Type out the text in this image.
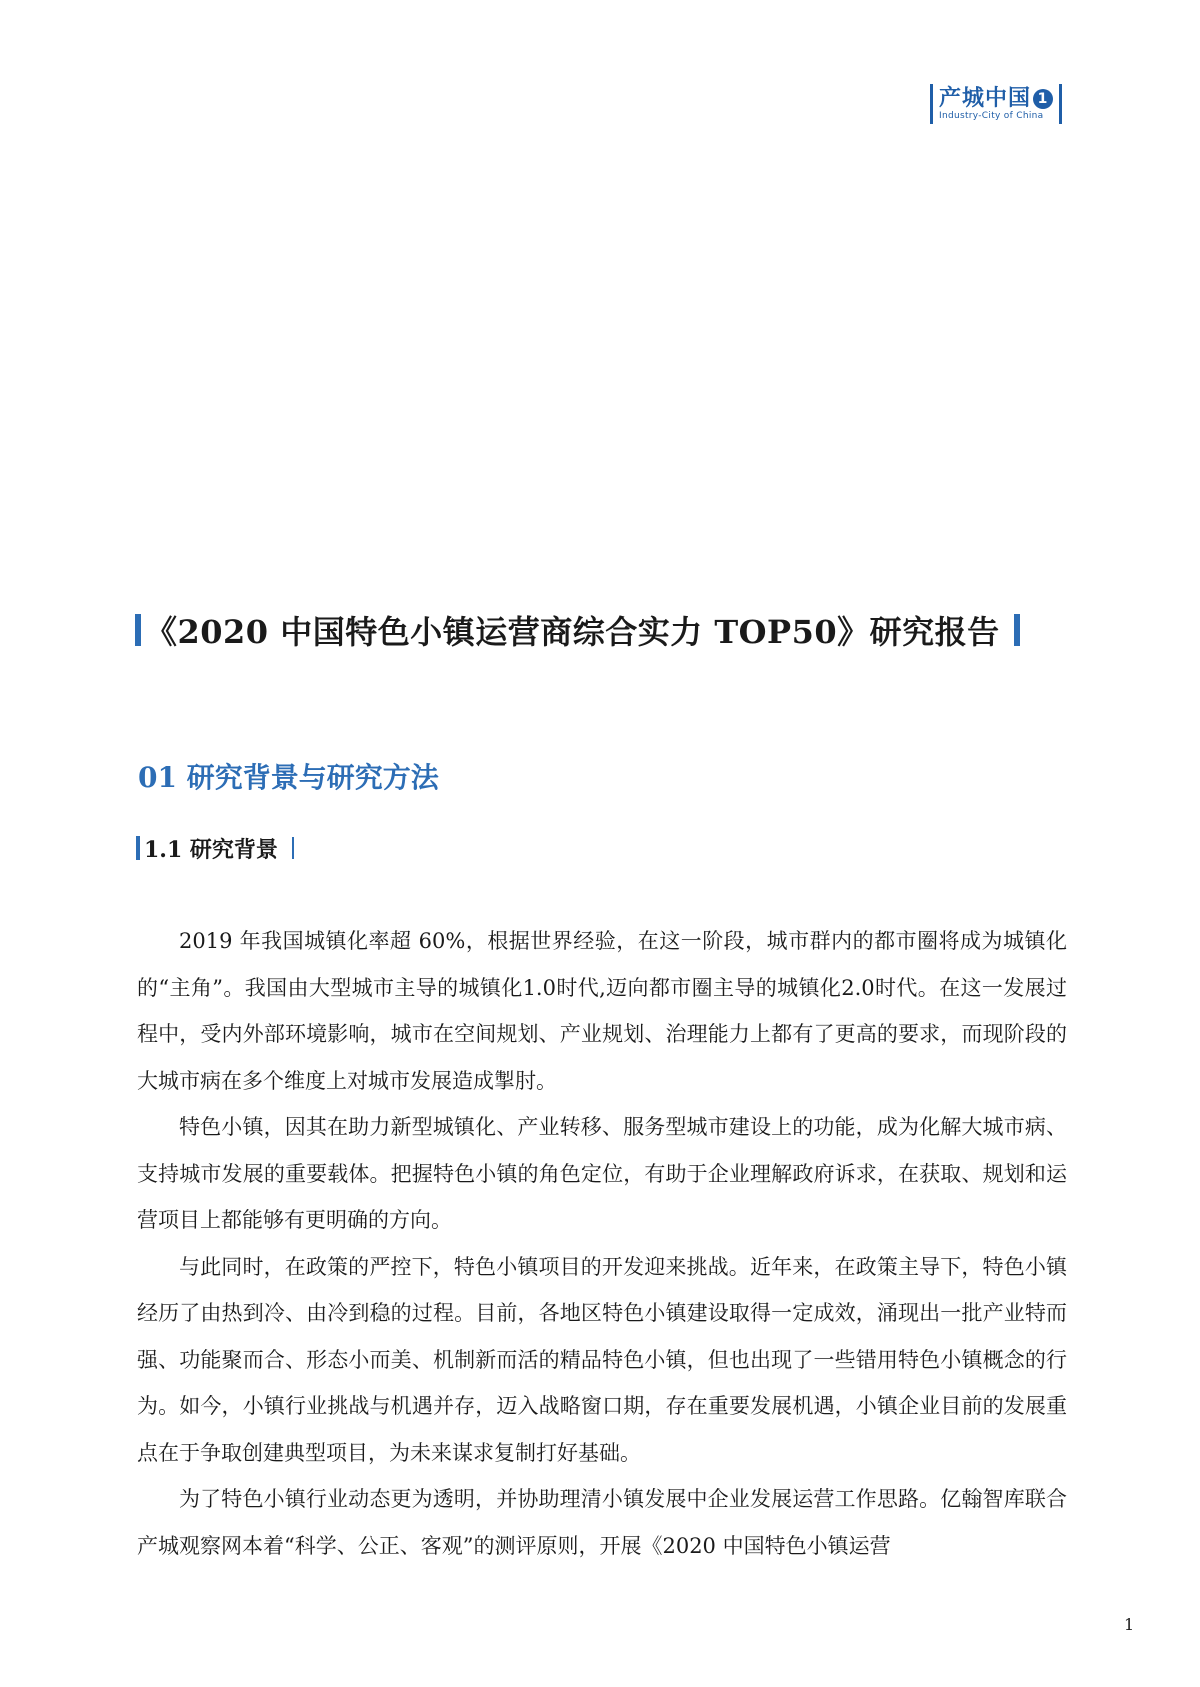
产城中国 1
Industry-City of China
《2020 中国特色小镇运营商综合实力 TOP50》研究报告
01 研究背景与研究方法
1.1 研究背景

2019 年我国城镇化率超 60%，根据世界经验，在这一阶段，城市群内的都市圈将成为城镇化的“主角”。我国由大型城市主导的城镇化1.0时代,迈向都市圈主导的城镇化2.0时代。在这一发展过程中，受内外部环境影响，城市在空间规划、产业规划、治理能力上都有了更高的要求，而现阶段的大城市病在多个维度上对城市发展造成掣肘。

特色小镇，因其在助力新型城镇化、产业转移、服务型城市建设上的功能，成为化解大城市病、支持城市发展的重要载体。把握特色小镇的角色定位，有助于企业理解政府诉求，在获取、规划和运营项目上都能够有更明确的方向。

与此同时，在政策的严控下，特色小镇项目的开发迎来挑战。近年来，在政策主导下，特色小镇经历了由热到冷、由冷到稳的过程。目前，各地区特色小镇建设取得一定成效，涌现出一批产业特而强、功能聚而合、形态小而美、机制新而活的精品特色小镇，但也出现了一些错用特色小镇概念的行为。如今，小镇行业挑战与机遇并存，迈入战略窗口期，存在重要发展机遇，小镇企业目前的发展重点在于争取创建典型项目，为未来谋求复制打好基础。

为了特色小镇行业动态更为透明，并协助理清小镇发展中企业发展运营工作思路。亿翰智库联合产城观察网本着“科学、公正、客观”的测评原则，开展《2020 中国特色小镇运营

1
